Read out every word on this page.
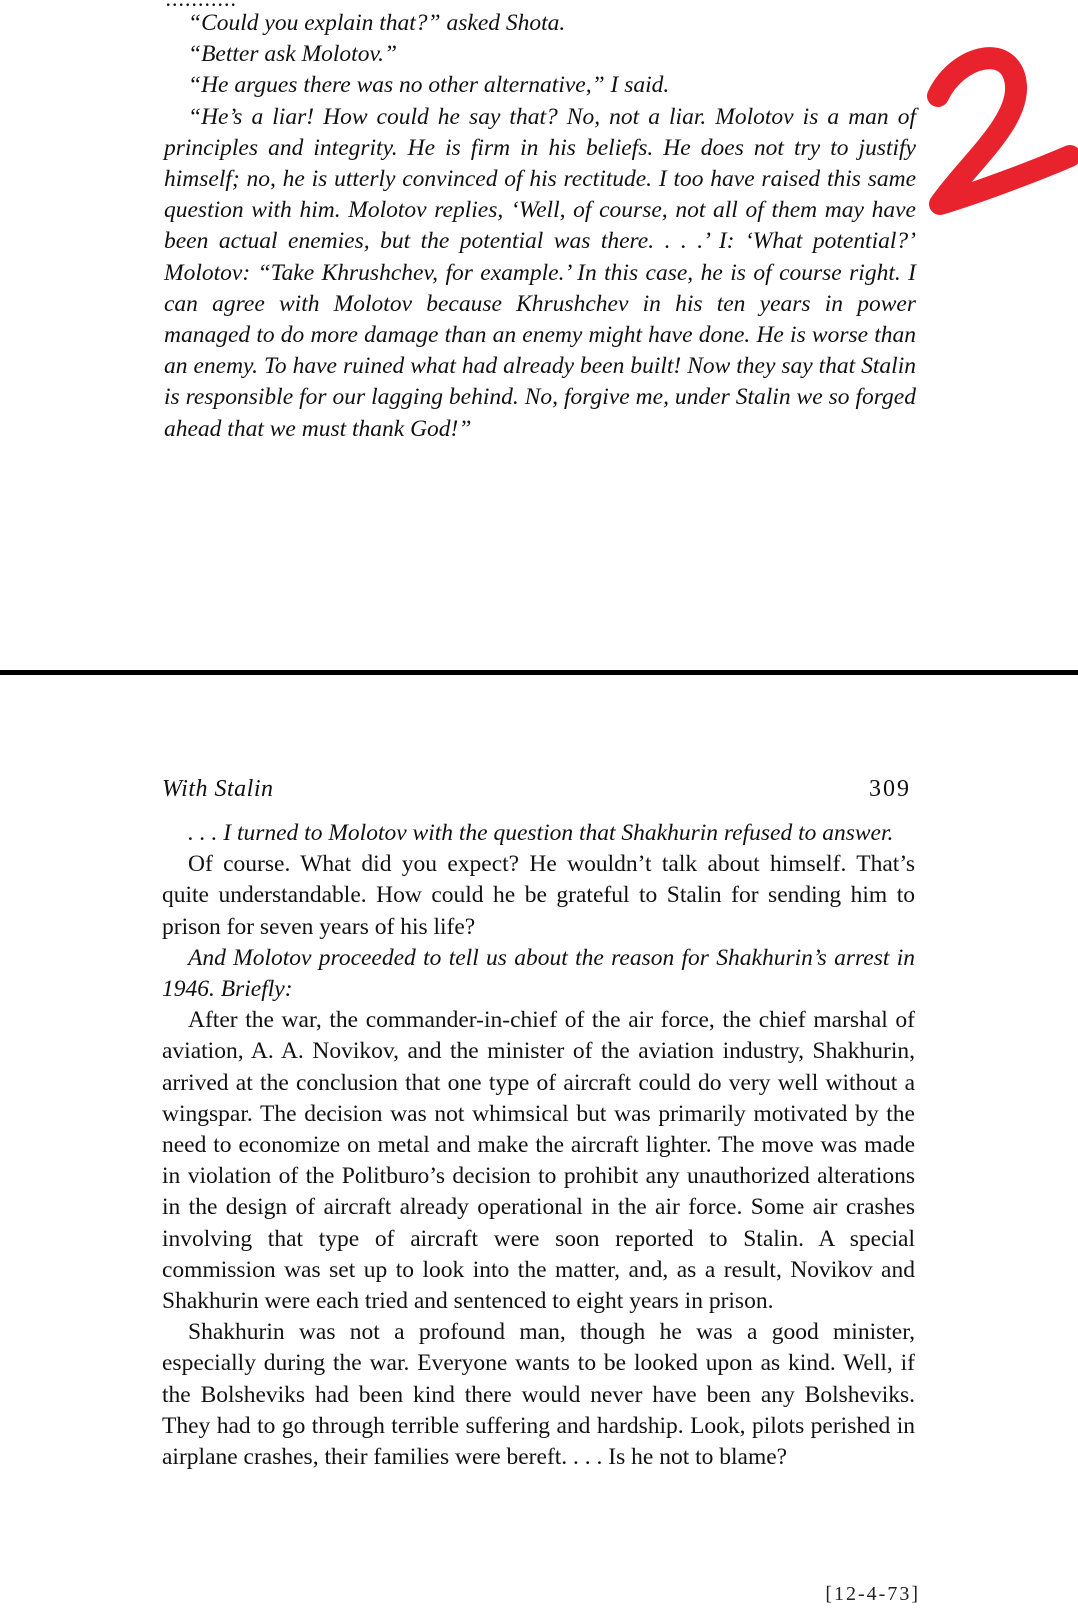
“Could you explain that?” asked Shota.

“Better ask Molotov.”

“He argues there was no other alternative,” I said.

“He’s a liar! How could he say that? No, not a liar. Molotov is a man of principles and integrity. He is firm in his beliefs. He does not try to justify himself; no, he is utterly convinced of his rectitude. I too have raised this same question with him. Molotov replies, ‘Well, of course, not all of them may have been actual enemies, but the potential was there. . . .’ I: ‘What potential?’ Molotov: “Take Khrushchev, for example.’ In this case, he is of course right. I can agree with Molotov because Khrushchev in his ten years in power managed to do more damage than an enemy might have done. He is worse than an enemy. To have ruined what had already been built! Now they say that Stalin is responsible for our lagging behind. No, forgive me, under Stalin we so forged ahead that we must thank God!”

With Stalin	309

. . . I turned to Molotov with the question that Shakhurin refused to answer.

Of course. What did you expect? He wouldn’t talk about himself. That’s quite understandable. How could he be grateful to Stalin for sending him to prison for seven years of his life?

And Molotov proceeded to tell us about the reason for Shakhurin’s arrest in 1946. Briefly:

After the war, the commander-in-chief of the air force, the chief marshal of aviation, A. A. Novikov, and the minister of the aviation industry, Shakhurin, arrived at the conclusion that one type of aircraft could do very well without a wingspar. The decision was not whimsical but was primarily motivated by the need to economize on metal and make the aircraft lighter. The move was made in violation of the Politburo’s decision to prohibit any unauthorized alterations in the design of aircraft already operational in the air force. Some air crashes involving that type of aircraft were soon reported to Stalin. A special commission was set up to look into the matter, and, as a result, Novikov and Shakhurin were each tried and sentenced to eight years in prison.

Shakhurin was not a profound man, though he was a good minister, especially during the war. Everyone wants to be looked upon as kind. Well, if the Bolsheviks had been kind there would never have been any Bolsheviks. They had to go through terrible suffering and hardship. Look, pilots perished in airplane crashes, their families were bereft. . . . Is he not to blame?

[12-4-73]
